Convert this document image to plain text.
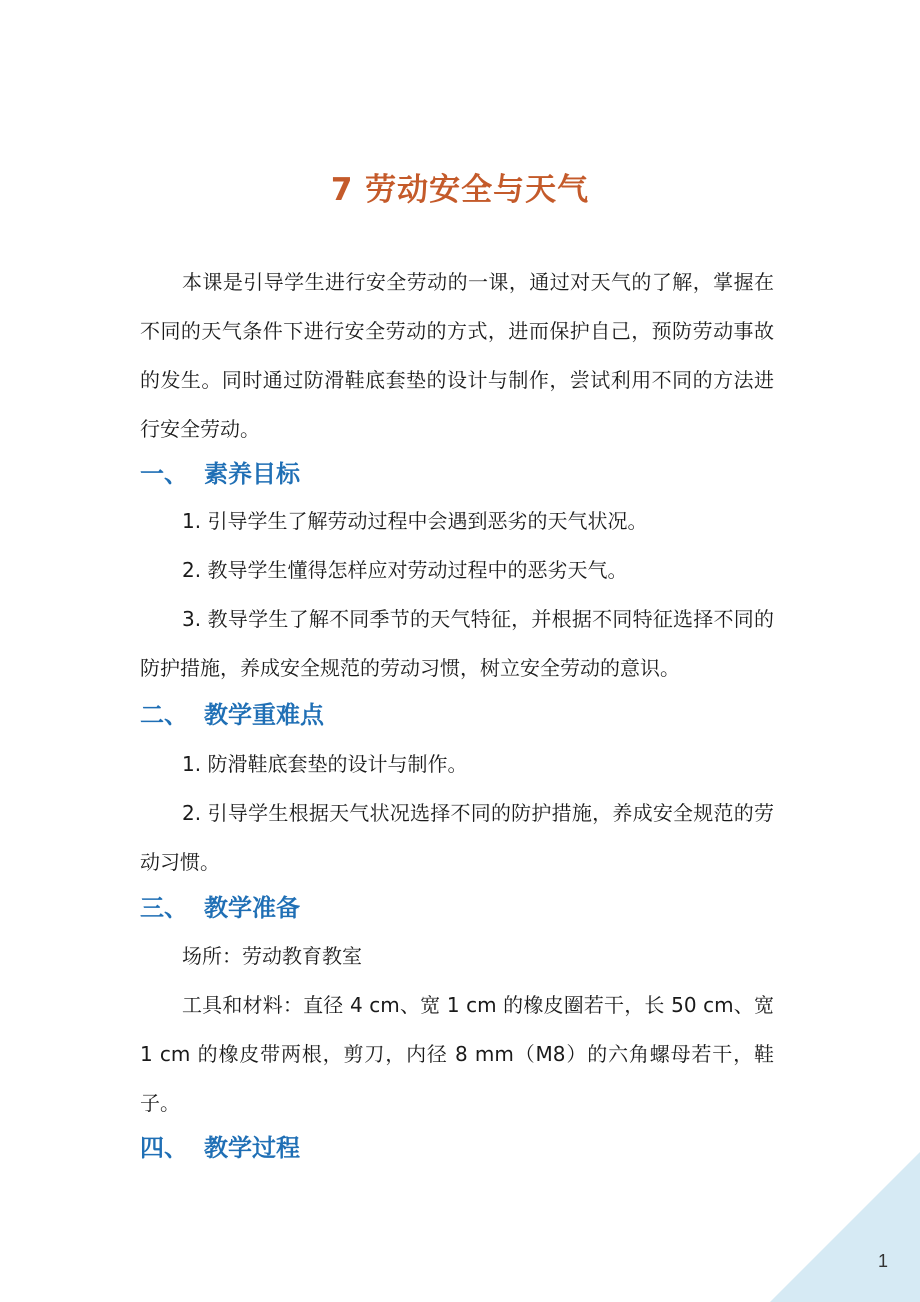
7 劳动安全与天气
本课是引导学生进行安全劳动的一课，通过对天气的了解，掌握在不同的天气条件下进行安全劳动的方式，进而保护自己，预防劳动事故的发生。同时通过防滑鞋底套垫的设计与制作，尝试利用不同的方法进行安全劳动。
一、 素养目标
1. 引导学生了解劳动过程中会遇到恶劣的天气状况。
2. 教导学生懂得怎样应对劳动过程中的恶劣天气。
3. 教导学生了解不同季节的天气特征，并根据不同特征选择不同的防护措施，养成安全规范的劳动习惯，树立安全劳动的意识。
二、 教学重难点
1. 防滑鞋底套垫的设计与制作。
2. 引导学生根据天气状况选择不同的防护措施，养成安全规范的劳动习惯。
三、 教学准备
场所：劳动教育教室
工具和材料：直径 4 cm、宽 1 cm 的橡皮圈若干，长 50 cm、宽 1 cm 的橡皮带两根，剪刀，内径 8 mm（M8）的六角螺母若干，鞋子。
四、 教学过程
1
